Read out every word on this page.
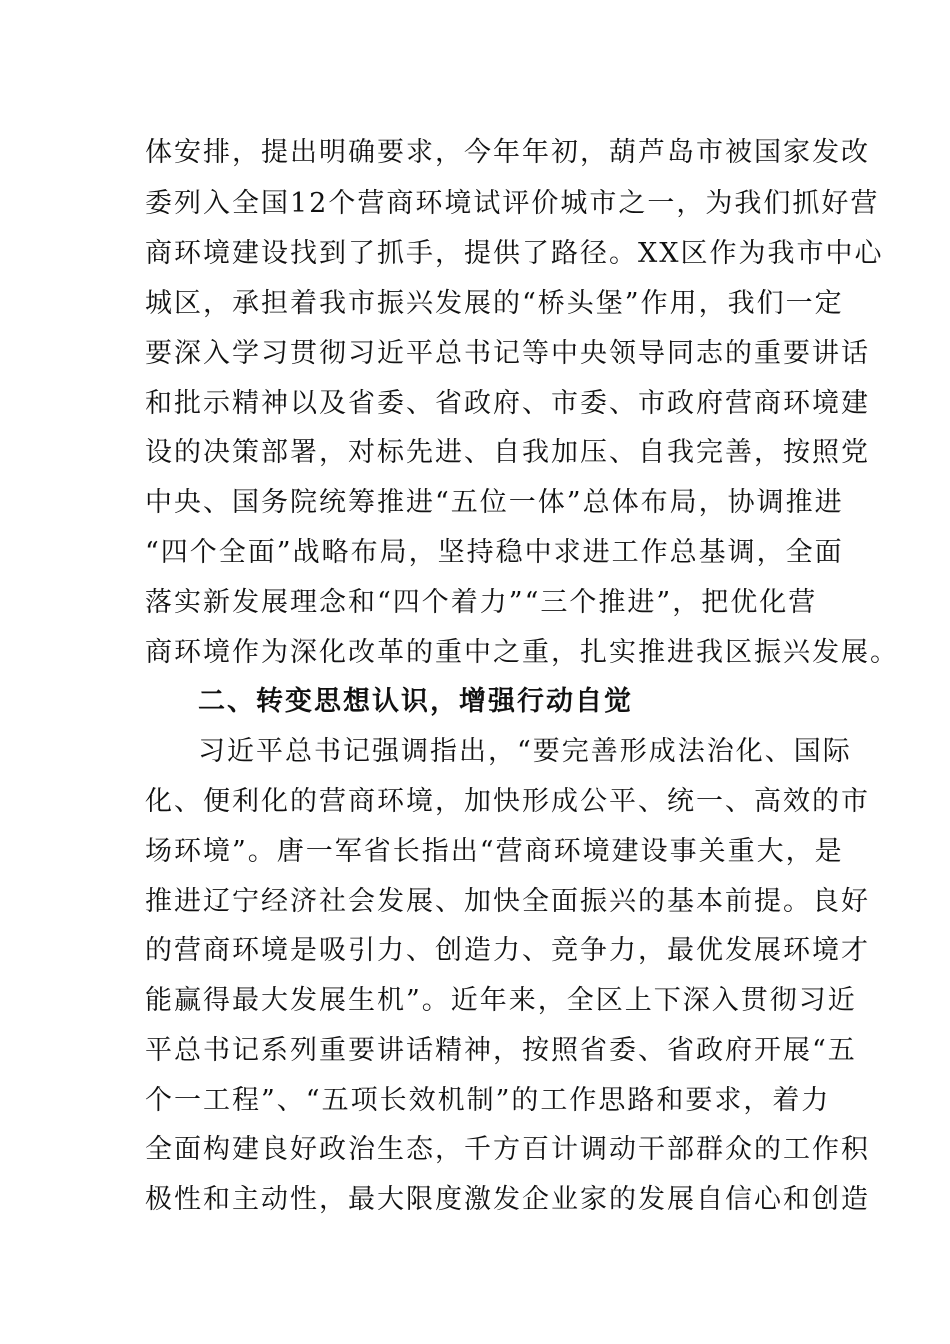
体安排，提出明确要求，今年年初，葫芦岛市被国家发改
委列入全国12个营商环境试评价城市之一，为我们抓好营
商环境建设找到了抓手，提供了路径。XX区作为我市中心
城区，承担着我市振兴发展的“桥头堡”作用，我们一定
要深入学习贯彻习近平总书记等中央领导同志的重要讲话
和批示精神以及省委、省政府、市委、市政府营商环境建
设的决策部署，对标先进、自我加压、自我完善，按照党
中央、国务院统筹推进“五位一体”总体布局，协调推进
“四个全面”战略布局，坚持稳中求进工作总基调，全面
落实新发展理念和“四个着力”“三个推进”，把优化营
商环境作为深化改革的重中之重，扎实推进我区振兴发展。
二、转变思想认识，增强行动自觉
习近平总书记强调指出，“要完善形成法治化、国际
化、便利化的营商环境，加快形成公平、统一、高效的市
场环境”。唐一军省长指出“营商环境建设事关重大，是
推进辽宁经济社会发展、加快全面振兴的基本前提。良好
的营商环境是吸引力、创造力、竞争力，最优发展环境才
能赢得最大发展生机”。近年来，全区上下深入贯彻习近
平总书记系列重要讲话精神，按照省委、省政府开展“五
个一工程”、“五项长效机制”的工作思路和要求，着力
全面构建良好政治生态，千方百计调动干部群众的工作积
极性和主动性，最大限度激发企业家的发展自信心和创造
